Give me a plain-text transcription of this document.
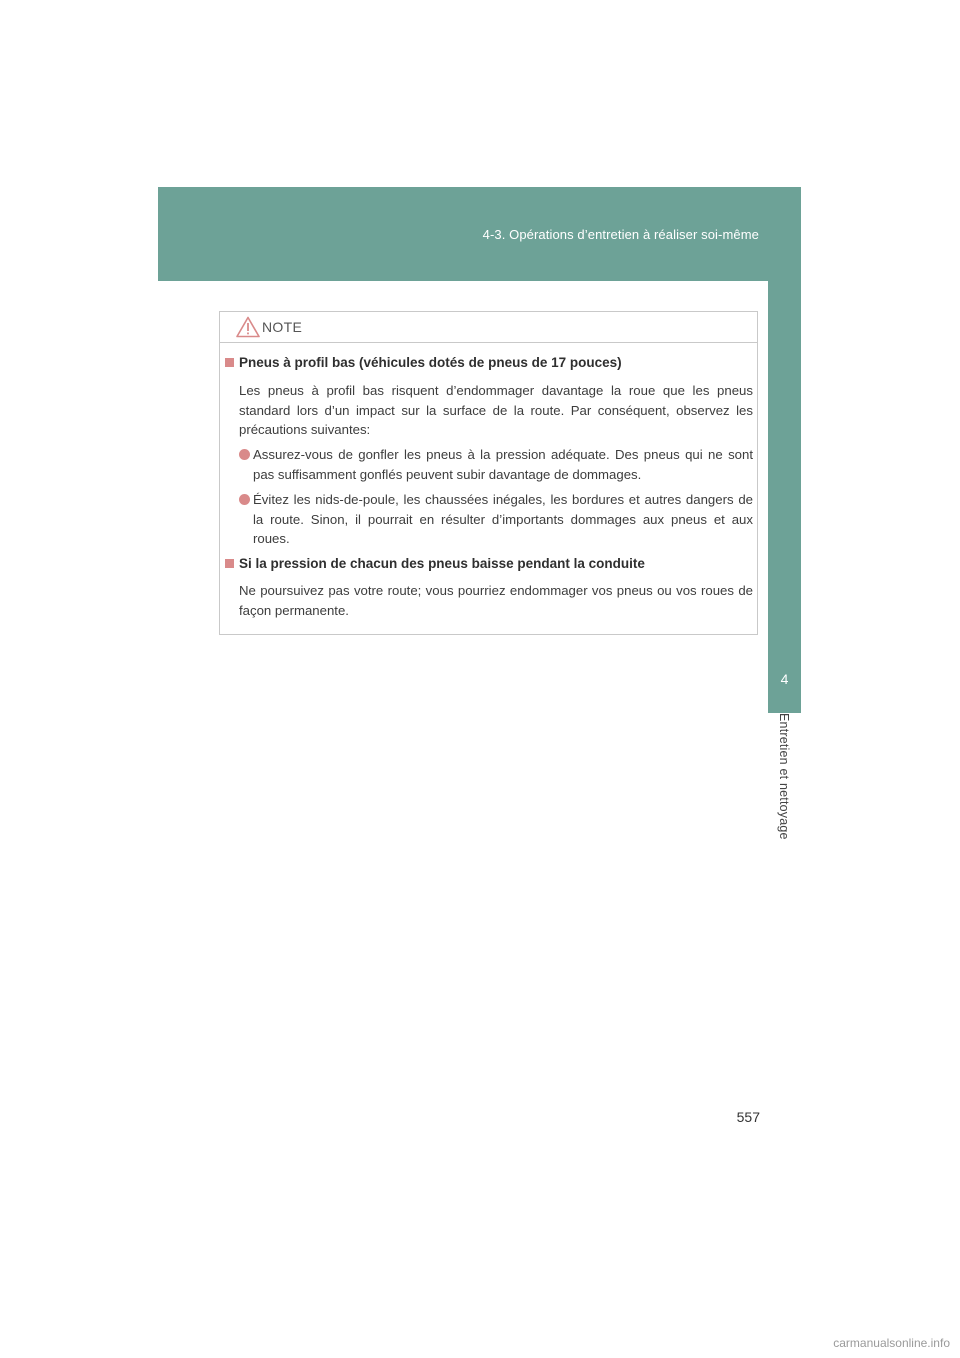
4-3. Opérations d’entretien à réaliser soi-même
4
Entretien et nettoyage
NOTE
Pneus à profil bas (véhicules dotés de pneus de 17 pouces)

Les pneus à profil bas risquent d’endommager davantage la roue que les pneus standard lors d’un impact sur la surface de la route. Par conséquent, observez les précautions suivantes:

Assurez-vous de gonfler les pneus à la pression adéquate. Des pneus qui ne sont pas suffisamment gonflés peuvent subir davantage de dommages.
Évitez les nids-de-poule, les chaussées inégales, les bordures et autres dangers de la route. Sinon, il pourrait en résulter d’importants dommages aux pneus et aux roues.
Si la pression de chacun des pneus baisse pendant la conduite

Ne poursuivez pas votre route; vous pourriez endommager vos pneus ou vos roues de façon permanente.

557
carmanualsonline.info
